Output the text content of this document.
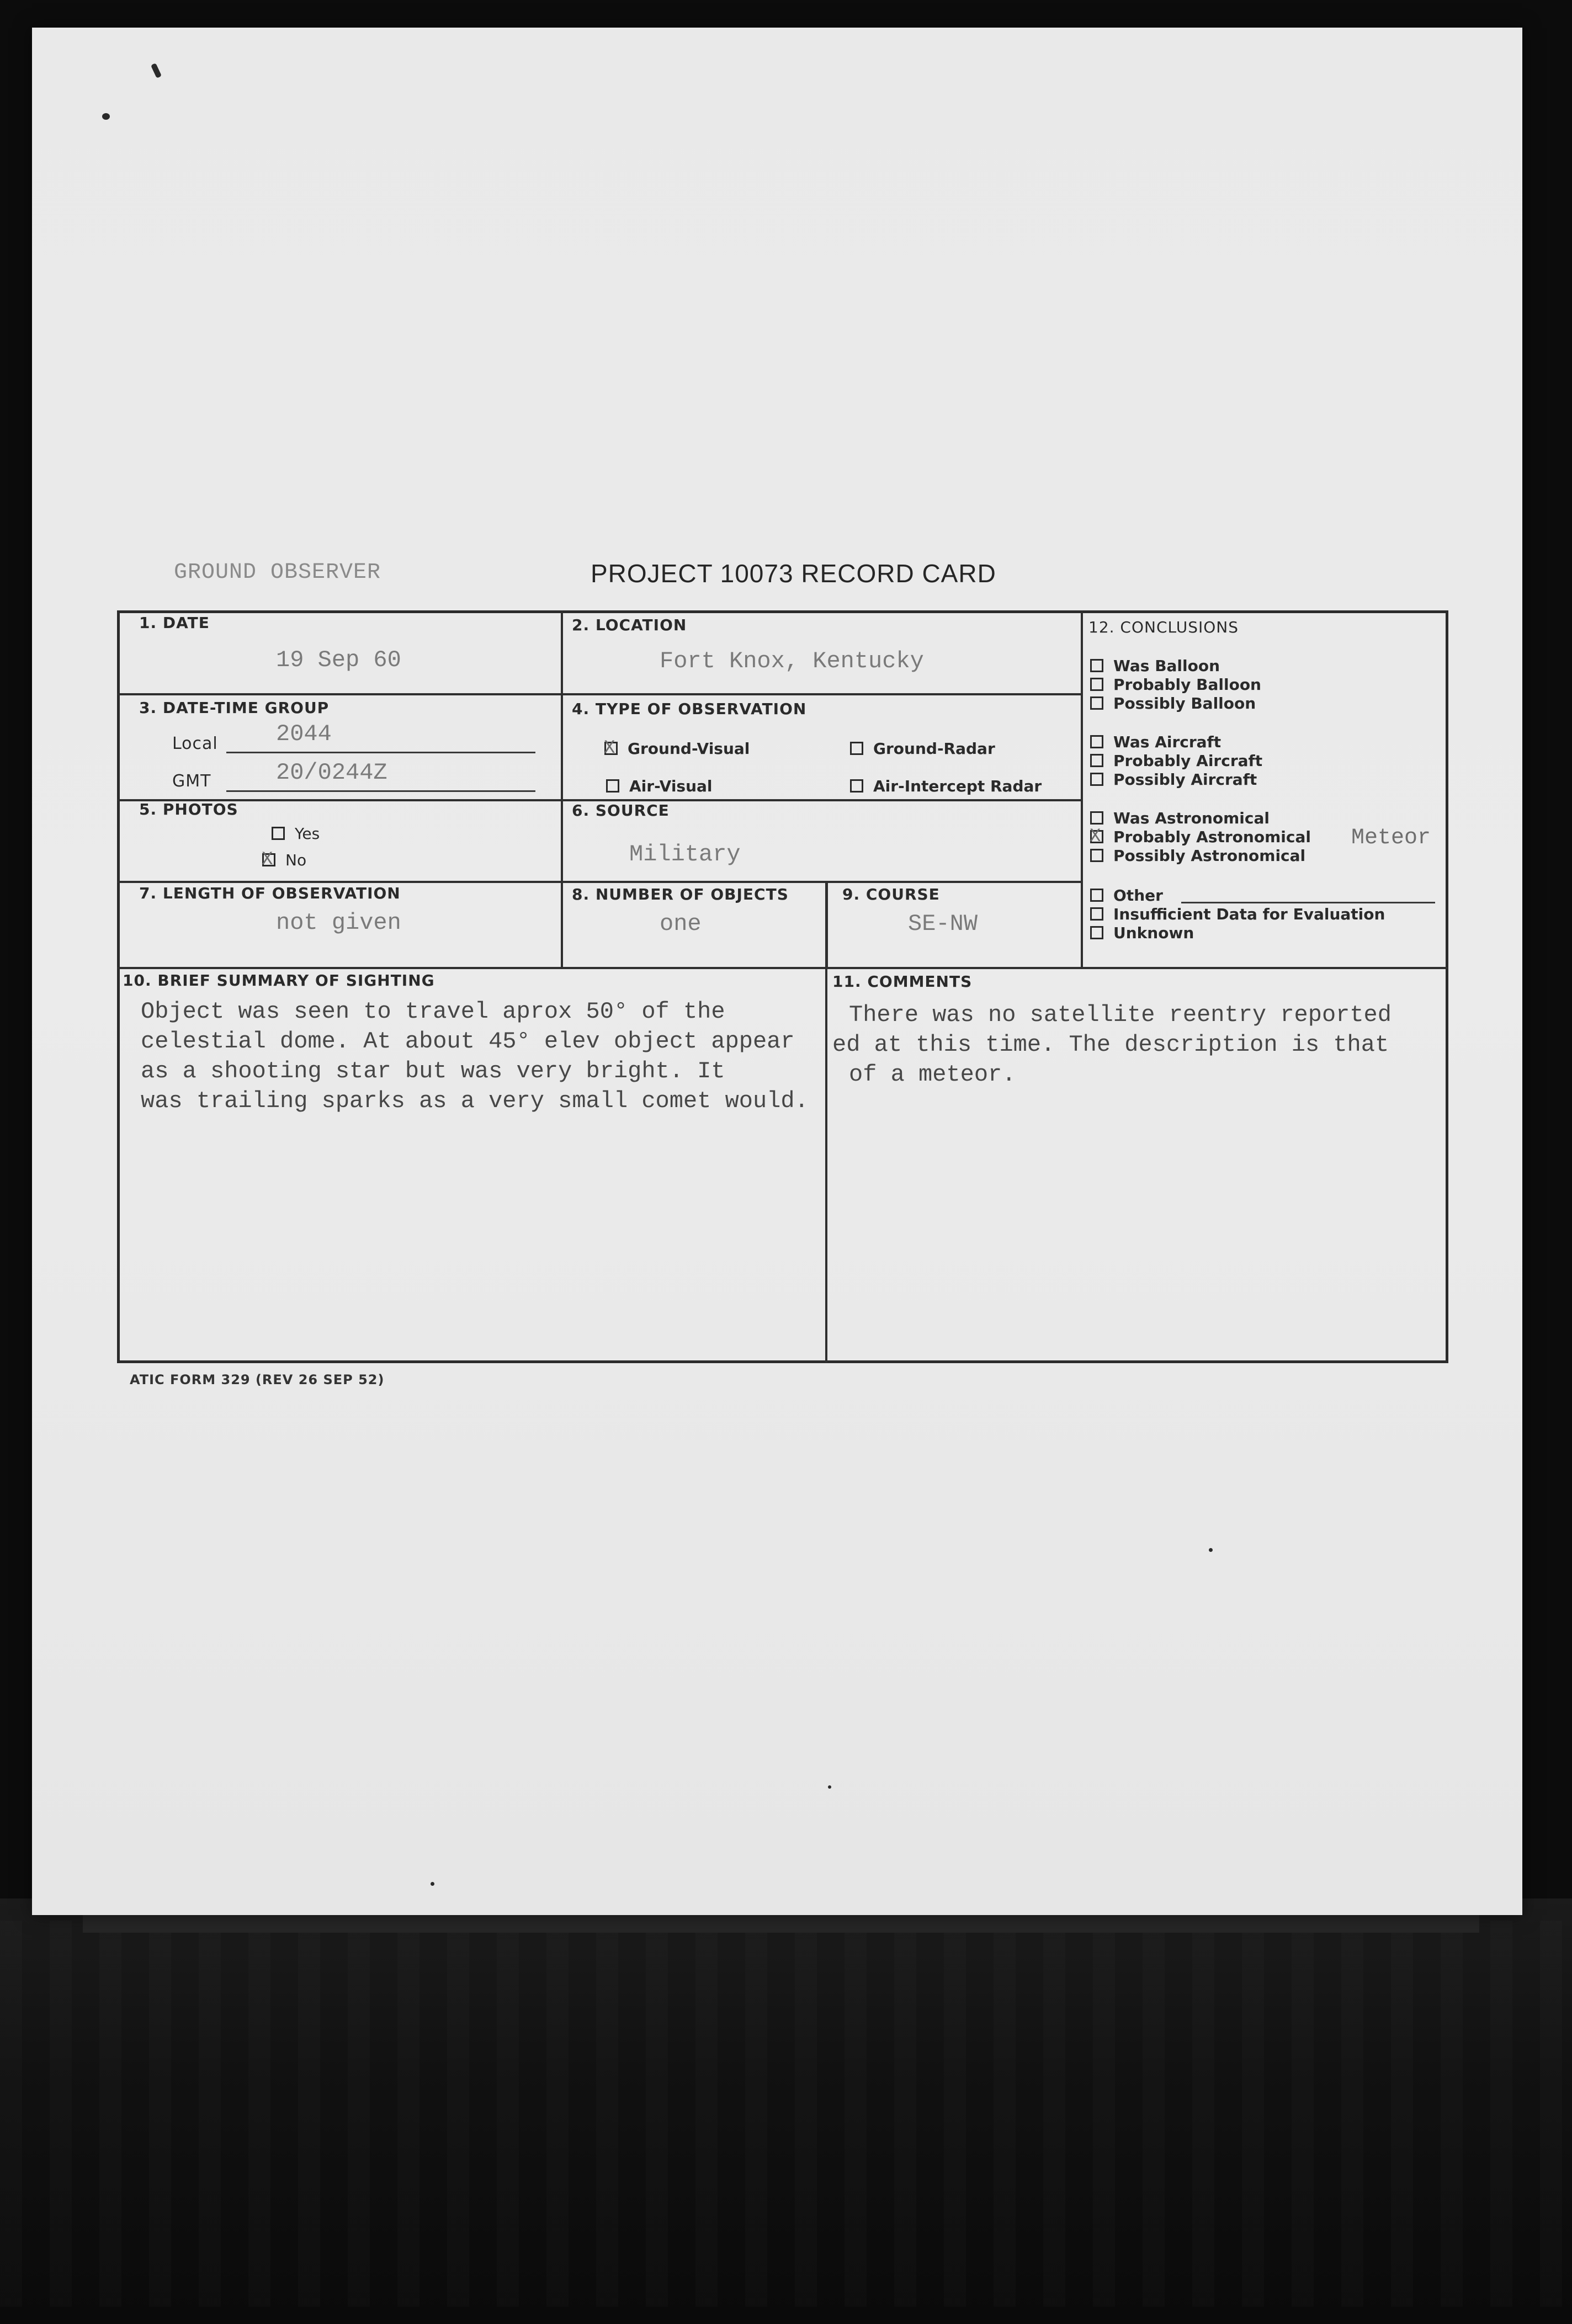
GROUND OBSERVER	PROJECT 10073 RECORD CARD
1. DATE
19 Sep 60
2. LOCATION
Fort Knox, Kentucky
3. DATE-TIME GROUP
Local	2044
GMT	20/0244Z
4. TYPE OF OBSERVATION
XGround-Visual	Ground-Radar
Air-Visual	Air-Intercept Radar
5. PHOTOS
Yes
XNo
6. SOURCE
Military
7. LENGTH OF OBSERVATION
not given
8. NUMBER OF OBJECTS
one
9. COURSE
SE-NW
12. CONCLUSIONS
Was Balloon
Probably Balloon
Possibly Balloon
Was Aircraft
Probably Aircraft
Possibly Aircraft
Was Astronomical
XProbably Astronomical Meteor
Possibly Astronomical
Other
Insufficient Data for Evaluation
Unknown
10. BRIEF SUMMARY OF SIGHTING
Object was seen to travel aprox 50° of the
celestial dome. At about 45° elev object appear
as a shooting star but was very bright. It
was trailing sparks as a very small comet would.
11. COMMENTS
There was no satellite reentry reported
ed at this time. The description is that
of a meteor.
ATIC FORM 329 (REV 26 SEP 52)
